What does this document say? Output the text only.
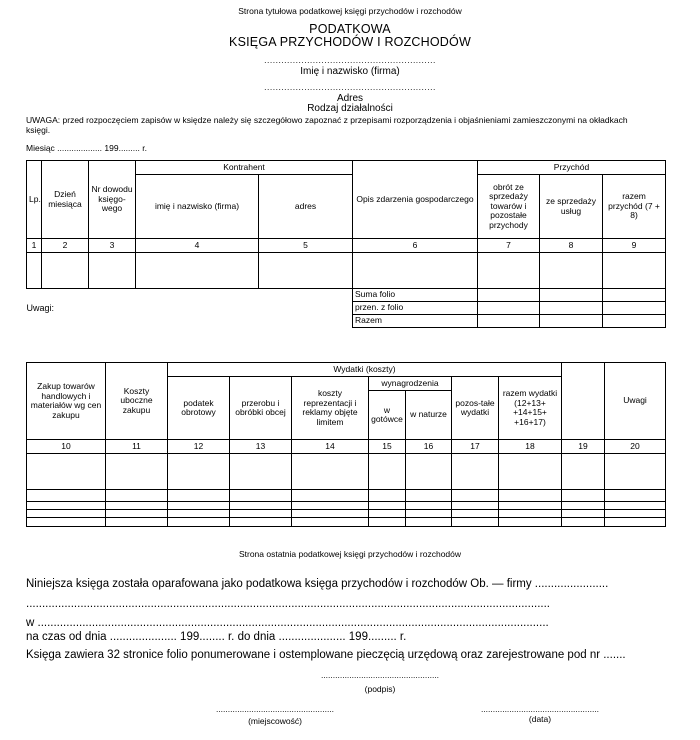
Strona tytułowa podatkowej księgi przychodów i rozchodów
PODATKOWA
KSIĘGA PRZYCHODÓW I ROZCHODÓW
............................................................
Imię i nazwisko (firma)
............................................................
Adres
Rodzaj działalności
UWAGA: przed rozpoczęciem zapisów w księdze należy się szczegółowo zapoznać z przepisami rozporządzenia i objaśnieniami zamieszczonymi na okładkach
księgi.
Miesiąc ................... 199......... r.
Lp.	Dzień miesiąca	Nr dowodu księgo-wego	Kontrahent		Opis zdarzenia gospodarczego	Przychód		
			imię i nazwisko (firma)	adres		obrót ze sprzedaży towarów i pozostałe przychody	ze sprzedaży usług	razem przychód (7 + 8)
1	2	3	4	5	6	7	8	9

Uwagi:					Suma folio			
					przen. z folio			
					Razem			
Zakup towarów handlowych i materiałów wg cen zakupu	Koszty uboczne zakupu	Wydatki (koszty)								Uwagi
		podatek obrotowy	przerobu i obróbki obcej	koszty reprezentacji i reklamy objęte limitem	wynagrodzenia		pozos-tałe wydatki	razem wydatki (12+13+ +14+15+ +16+17)		
					w gotówce	w naturze				
10	11	12	13	14	15	16	17	18	19	20

Strona ostatnia podatkowej księgi przychodów i rozchodów
Niniejsza księga została oparafowana jako podatkowa księga przychodów i rozchodów Ob. — firmy .......................
....................................................................................................................................................................
w ................................................................................................................................................................
na czas od dnia ..................... 199........ r. do dnia ..................... 199......... r.
Księga zawiera 32 stronice folio ponumerowane i ostemplowane pieczęcią urzędową oraz zarejestrowane pod nr .......
..................................................
(podpis)
..................................................
(miejscowość)
..................................................
(data)
